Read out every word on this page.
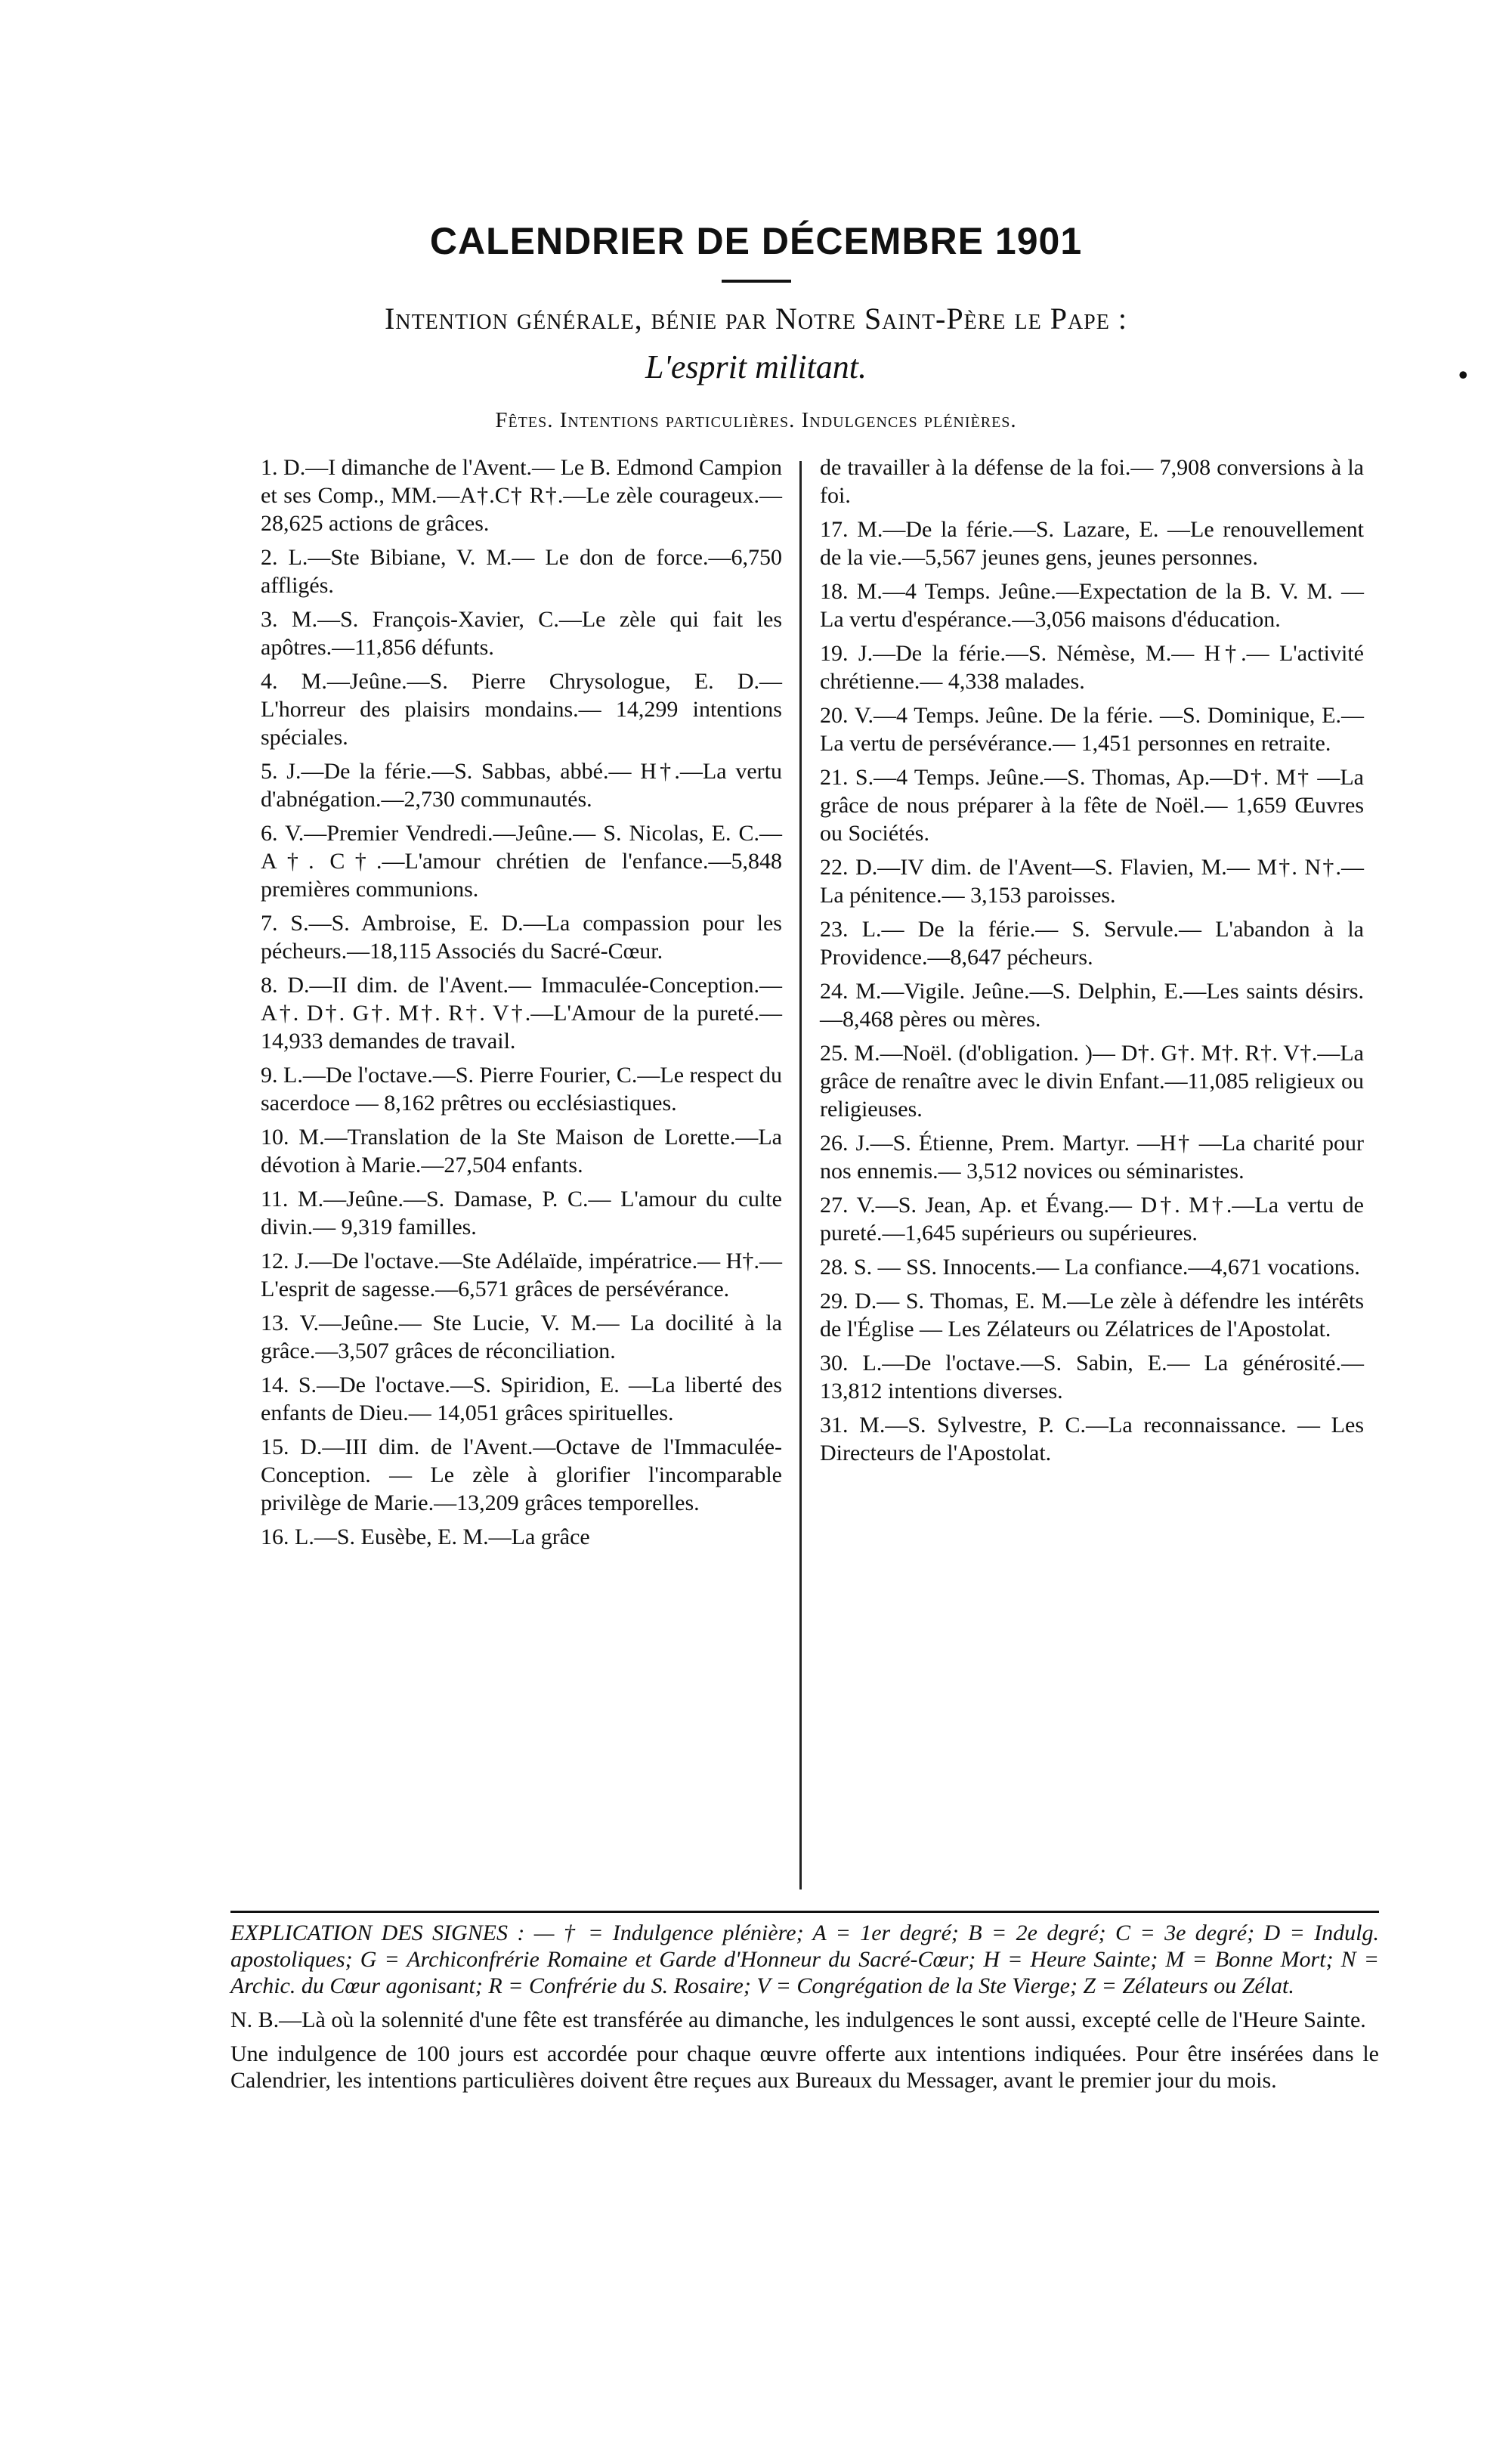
CALENDRIER DE DÉCEMBRE 1901
Intention générale, bénie par Notre Saint-Père le Pape :
L'esprit militant.	•
Fêtes. Intentions particulières. Indulgences plénières.
1. D.—I dimanche de l'Avent.— Le B. Edmond Campion et ses Comp., MM.—A†.C† R†.—Le zèle courageux.— 28,625 actions de grâces.
2. L.—Ste Bibiane, V. M.— Le don de force.—6,750 affligés.
3. M.—S. François-Xavier, C.—Le zèle qui fait les apôtres.—11,856 défunts.
4. M.—Jeûne.—S. Pierre Chrysologue, E. D.— L'horreur des plaisirs mondains.— 14,299 intentions spéciales.
5. J.—De la férie.—S. Sabbas, abbé.— H†.—La vertu d'abnégation.—2,730 communautés.
6. V.—Premier Vendredi.—Jeûne.— S. Nicolas, E. C.—A†. C†.—L'amour chrétien de l'enfance.—5,848 premières communions.
7. S.—S. Ambroise, E. D.—La compassion pour les pécheurs.—18,115 Associés du Sacré-Cœur.
8. D.—II dim. de l'Avent.— Immaculée-Conception.— A†. D†. G†. M†. R†. V†.—L'Amour de la pureté.—14,933 demandes de travail.
9. L.—De l'octave.—S. Pierre Fourier, C.—Le respect du sacerdoce — 8,162 prêtres ou ecclésiastiques.
10. M.—Translation de la Ste Maison de Lorette.—La dévotion à Marie.—27,504 enfants.
11. M.—Jeûne.—S. Damase, P. C.— L'amour du culte divin.— 9,319 familles.
12. J.—De l'octave.—Ste Adélaïde, impératrice.— H†.— L'esprit de sagesse.—6,571 grâces de persévérance.
13. V.—Jeûne.— Ste Lucie, V. M.— La docilité à la grâce.—3,507 grâces de réconciliation.
14. S.—De l'octave.—S. Spiridion, E. —La liberté des enfants de Dieu.— 14,051 grâces spirituelles.
15. D.—III dim. de l'Avent.—Octave de l'Immaculée-Conception. — Le zèle à glorifier l'incomparable privilège de Marie.—13,209 grâces temporelles.
16. L.—S. Eusèbe, E. M.—La grâce
de travailler à la défense de la foi.— 7,908 conversions à la foi.
17. M.—De la férie.—S. Lazare, E. —Le renouvellement de la vie.—5,567 jeunes gens, jeunes personnes.
18. M.—4 Temps. Jeûne.—Expectation de la B. V. M. — La vertu d'espérance.—3,056 maisons d'éducation.
19. J.—De la férie.—S. Némèse, M.— H†.— L'activité chrétienne.— 4,338 malades.
20. V.—4 Temps. Jeûne. De la férie. —S. Dominique, E.—La vertu de persévérance.— 1,451 personnes en retraite.
21. S.—4 Temps. Jeûne.—S. Thomas, Ap.—D†. M† —La grâce de nous préparer à la fête de Noël.— 1,659 Œuvres ou Sociétés.
22. D.—IV dim. de l'Avent—S. Flavien, M.— M†. N†.— La pénitence.— 3,153 paroisses.
23. L.— De la férie.— S. Servule.— L'abandon à la Providence.—8,647 pécheurs.
24. M.—Vigile. Jeûne.—S. Delphin, E.—Les saints désirs.—8,468 pères ou mères.
25. M.—Noël. (d'obligation. )— D†. G†. M†. R†. V†.—La grâce de renaître avec le divin Enfant.—11,085 religieux ou religieuses.
26. J.—S. Étienne, Prem. Martyr. —H† —La charité pour nos ennemis.— 3,512 novices ou séminaristes.
27. V.—S. Jean, Ap. et Évang.— D†. M†.—La vertu de pureté.—1,645 supérieurs ou supérieures.
28. S. — SS. Innocents.— La confiance.—4,671 vocations.
29. D.— S. Thomas, E. M.—Le zèle à défendre les intérêts de l'Église — Les Zélateurs ou Zélatrices de l'Apostolat.
30. L.—De l'octave.—S. Sabin, E.— La générosité.—13,812 intentions diverses.
31. M.—S. Sylvestre, P. C.—La reconnaissance. — Les Directeurs de l'Apostolat.

EXPLICATION DES SIGNES : — † = Indulgence plénière; A = 1er degré; B = 2e degré; C = 3e degré; D = Indulg. apostoliques; G = Archiconfrérie Romaine et Garde d'Honneur du Sacré-Cœur; H = Heure Sainte; M = Bonne Mort; N = Archic. du Cœur agonisant; R = Confrérie du S. Rosaire; V = Congrégation de la Ste Vierge; Z = Zélateurs ou Zélat.

N. B.—Là où la solennité d'une fête est transférée au dimanche, les indulgences le sont aussi, excepté celle de l'Heure Sainte.

Une indulgence de 100 jours est accordée pour chaque œuvre offerte aux intentions indiquées. Pour être insérées dans le Calendrier, les intentions particulières doivent être reçues aux Bureaux du Messager, avant le premier jour du mois.
